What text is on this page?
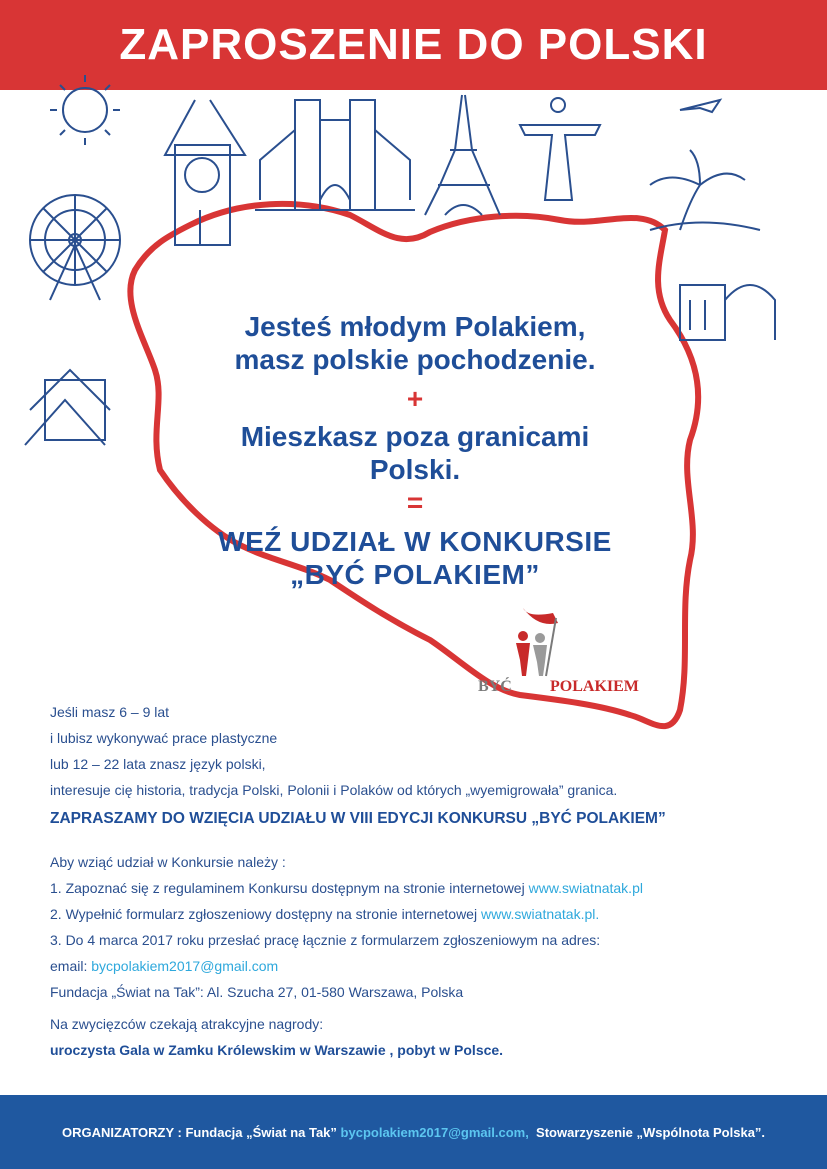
ZAPROSZENIE DO POLSKI
Jesteś młodym Polakiem,
masz polskie pochodzenie.
+
Mieszkasz poza granicami
Polski.
=
WEŹ UDZIAŁ W KONKURSIE
„BYĆ POLAKIEM”
BYĆ POLAKIEM
Jeśli masz 6 – 9 lat
i lubisz wykonywać prace plastyczne
lub 12 – 22 lata znasz język polski,
interesuje cię historia, tradycja Polski, Polonii i Polaków od których „wyemigrowała” granica.
ZAPRASZAMY DO WZIĘCIA UDZIAŁU W VIII EDYCJI KONKURSU „BYĆ POLAKIEM”
Aby wziąć udział w Konkursie należy :
1. Zapoznać się z regulaminem Konkursu dostępnym na stronie internetowej www.swiatnatak.pl
2. Wypełnić formularz zgłoszeniowy dostępny na stronie internetowej www.swiatnatak.pl.
3. Do 4 marca 2017 roku przesłać pracę łącznie z formularzem zgłoszeniowym na adres:
email: bycpolakiem2017@gmail.com
Fundacja „Świat na Tak”: Al. Szucha 27, 01-580 Warszawa, Polska
Na zwycięzców czekają atrakcyjne nagrody:
uroczysta Gala w Zamku Królewskim w Warszawie , pobyt w Polsce.
ORGANIZATORZY : Fundacja „Świat na Tak”
bycpolakiem2017@gmail.com, Stowarzyszenie „Wspólnota Polska”.
